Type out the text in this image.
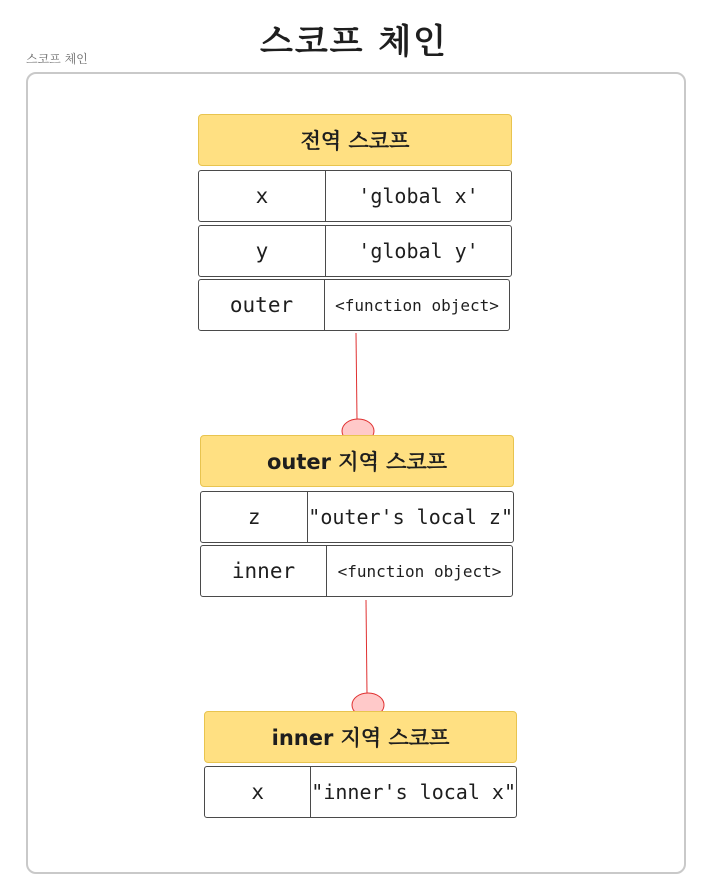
스코프 체인
스코프 체인
전역 스코프
x	'global x'
y	'global y'
outer	<function object>
outer 지역 스코프
z	"outer's local z"
inner	<function object>
inner 지역 스코프
x	"inner's local x"
